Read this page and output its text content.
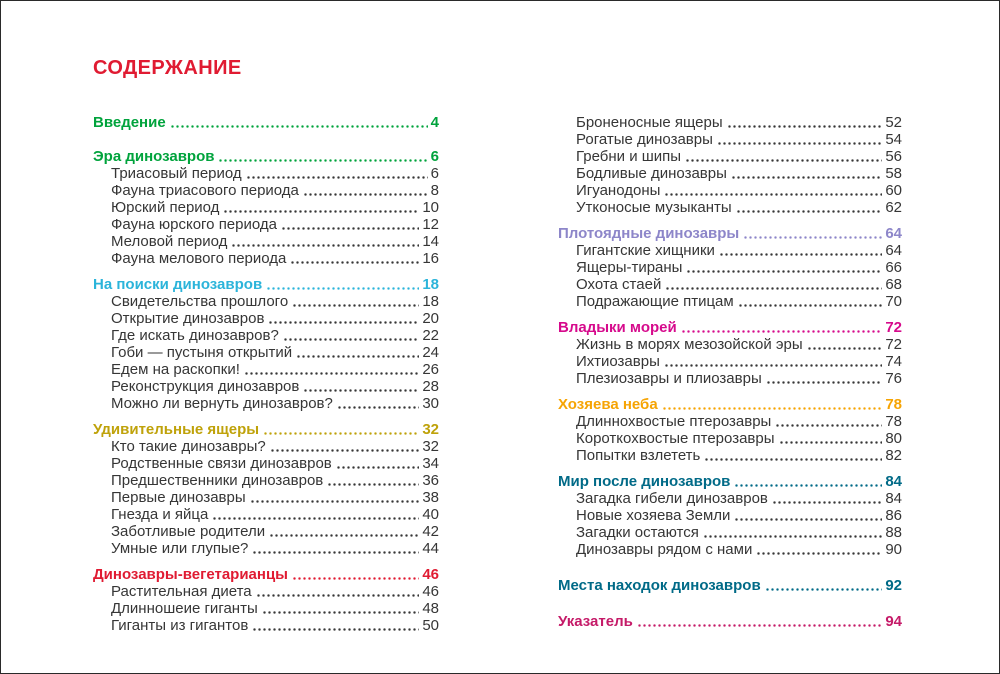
СОДЕРЖАНИЕ
Введение	4
Эра динозавров	6
Триасовый период	6
Фауна триасового периода	8
Юрский период	10
Фауна юрского периода	12
Меловой период	14
Фауна мелового периода	16
На поиски динозавров	18
Свидетельства прошлого	18
Открытие динозавров	20
Где искать динозавров?	22
Гоби — пустыня открытий	24
Едем на раскопки!	26
Реконструкция динозавров	28
Можно ли вернуть динозавров?	30
Удивительные ящеры	32
Кто такие динозавры?	32
Родственные связи динозавров	34
Предшественники динозавров	36
Первые динозавры	38
Гнезда и яйца	40
Заботливые родители	42
Умные или глупые?	44
Динозавры-вегетарианцы	46
Растительная диета	46
Длинношеие гиганты	48
Гиганты из гигантов	50
Броненосные ящеры	52
Рогатые динозавры	54
Гребни и шипы	56
Бодливые динозавры	58
Игуанодоны	60
Утконосые музыканты	62
Плотоядные динозавры	64
Гигантские хищники	64
Ящеры-тираны	66
Охота стаей	68
Подражающие птицам	70
Владыки морей	72
Жизнь в морях мезозойской эры	72
Ихтиозавры	74
Плезиозавры и плиозавры	76
Хозяева неба	78
Длиннохвостые птерозавры	78
Короткохвостые птерозавры	80
Попытки взлететь	82
Мир после динозавров	84
Загадка гибели динозавров	84
Новые хозяева Земли	86
Загадки остаются	88
Динозавры рядом с нами	90
Места находок динозавров	92
Указатель	94
